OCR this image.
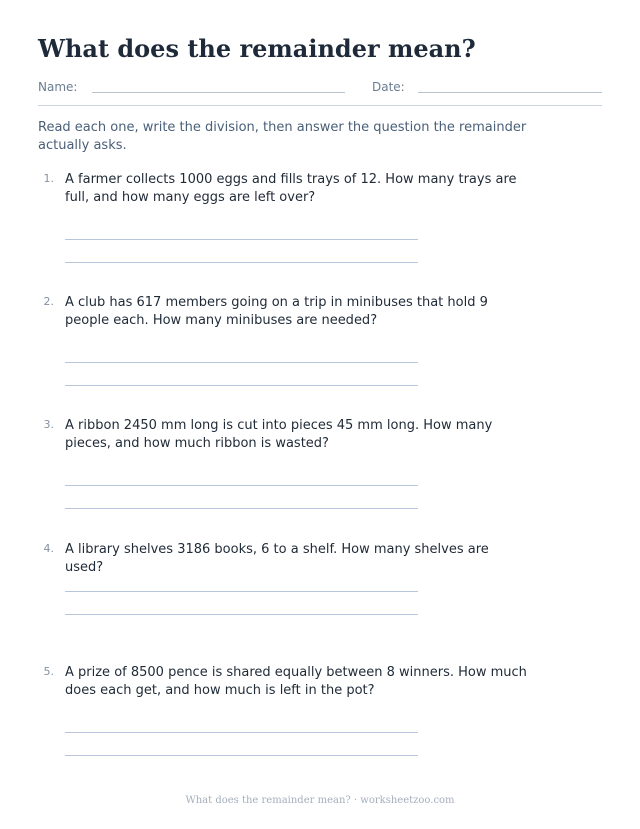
What does the remainder mean?
Name:	Date:

Read each one, write the division, then answer the question the remainder actually asks.

1. A farmer collects 1000 eggs and fills trays of 12. How many trays are full, and how many eggs are left over?

2. A club has 617 members going on a trip in minibuses that hold 9 people each. How many minibuses are needed?

3. A ribbon 2450 mm long is cut into pieces 45 mm long. How many pieces, and how much ribbon is wasted?

4. A library shelves 3186 books, 6 to a shelf. How many shelves are used?

5. A prize of 8500 pence is shared equally between 8 winners. How much does each get, and how much is left in the pot?

What does the remainder mean? · worksheetzoo.com
